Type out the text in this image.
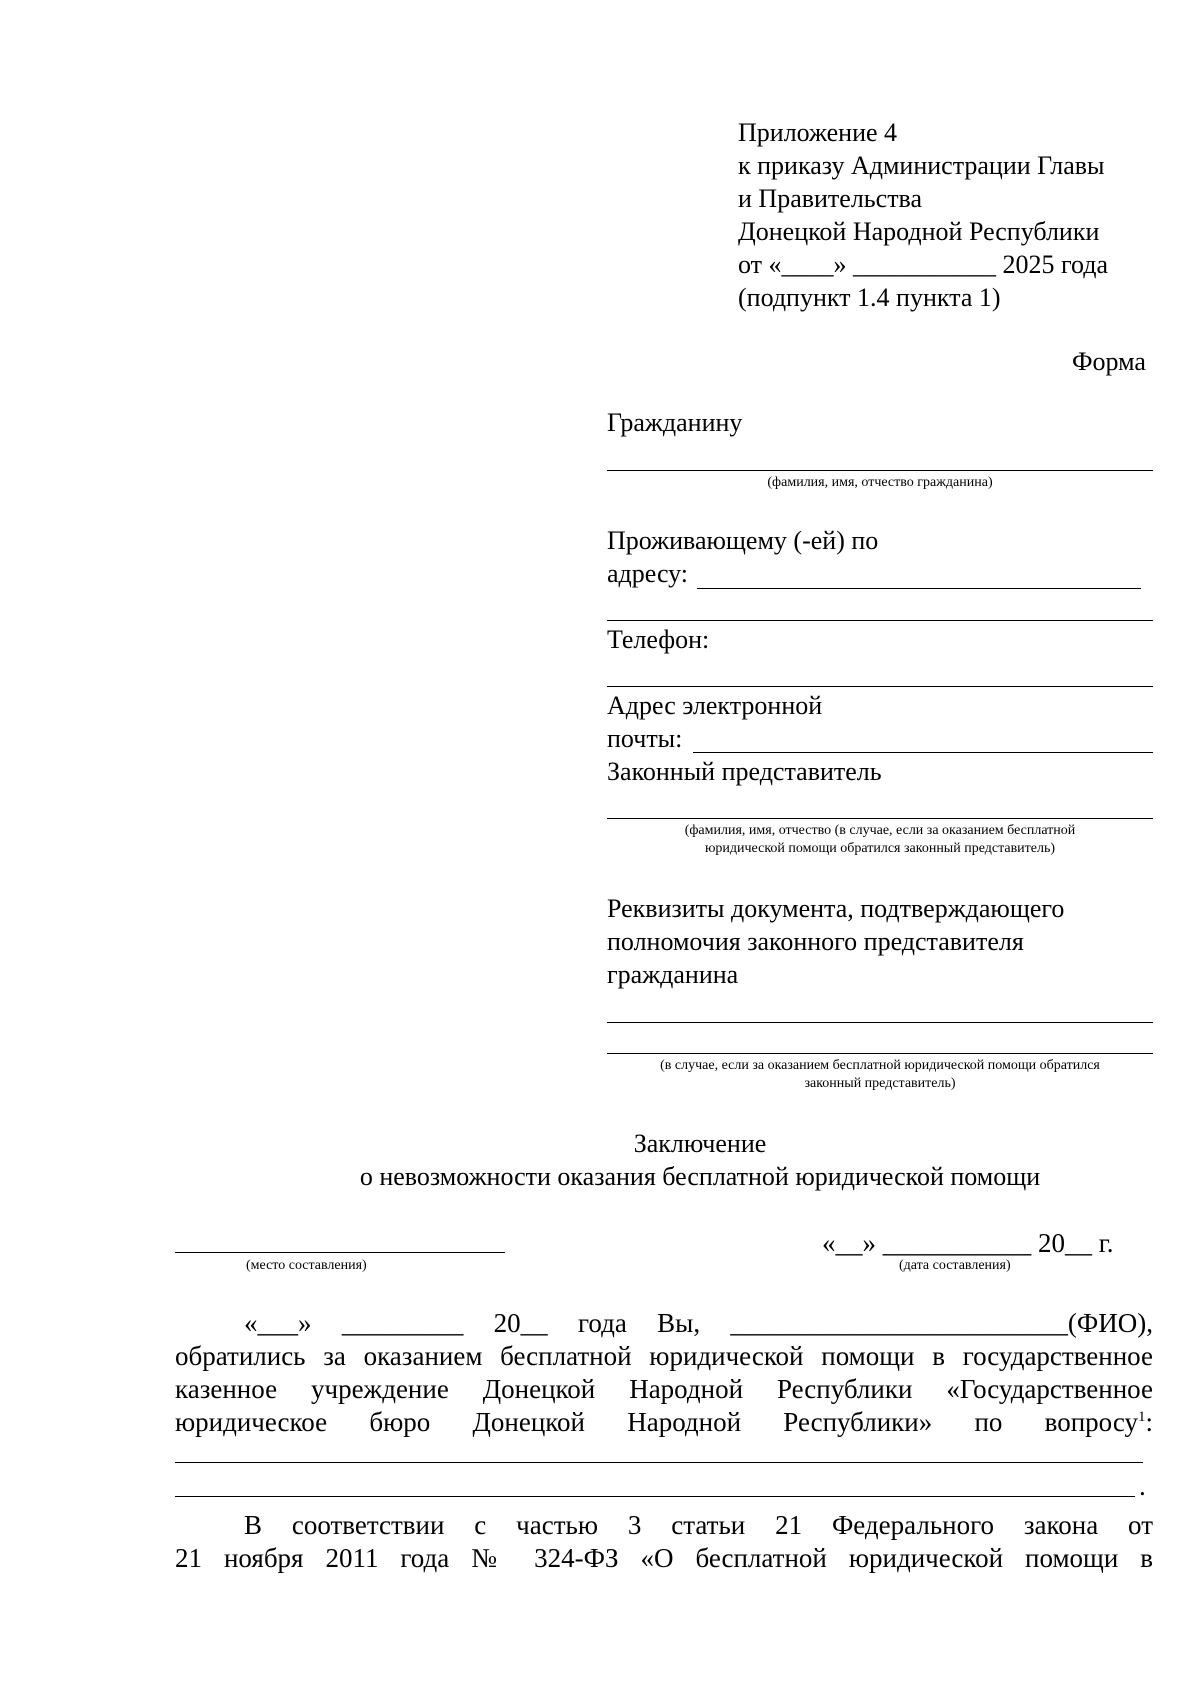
Приложение 4
к приказу Администрации Главы
и Правительства
Донецкой Народной Республики
от «____» ___________ 2025 года
(подпункт 1.4 пункта 1)
Форма
Гражданину
(фамилия, имя, отчество гражданина)
Проживающему (-ей) по
адресу:
Телефон:
Адрес электронной
почты:
Законный представитель
(фамилия, имя, отчество (в случае, если за оказанием бесплатной
юридической помощи обратился законный представитель)
Реквизиты документа, подтверждающего
полномочия законного представителя
гражданина
(в случае, если за оказанием бесплатной юридической помощи обратился
законный представитель)
Заключение
о невозможности оказания бесплатной юридической помощи
(место составления)
«__» ___________ 20__ г.
(дата составления)
«___» _________ 20__ года Вы, _________________________(ФИО),
обратились за оказанием бесплатной юридической помощи в государственное
казенное учреждение Донецкой Народной Республики «Государственное
юридическое бюро Донецкой Народной Республики» по вопросу$^1$:
.
В соответствии с частью 3 статьи 21 Федерального закона от
21 ноября 2011 года № 324-ФЗ «О бесплатной юридической помощи в
